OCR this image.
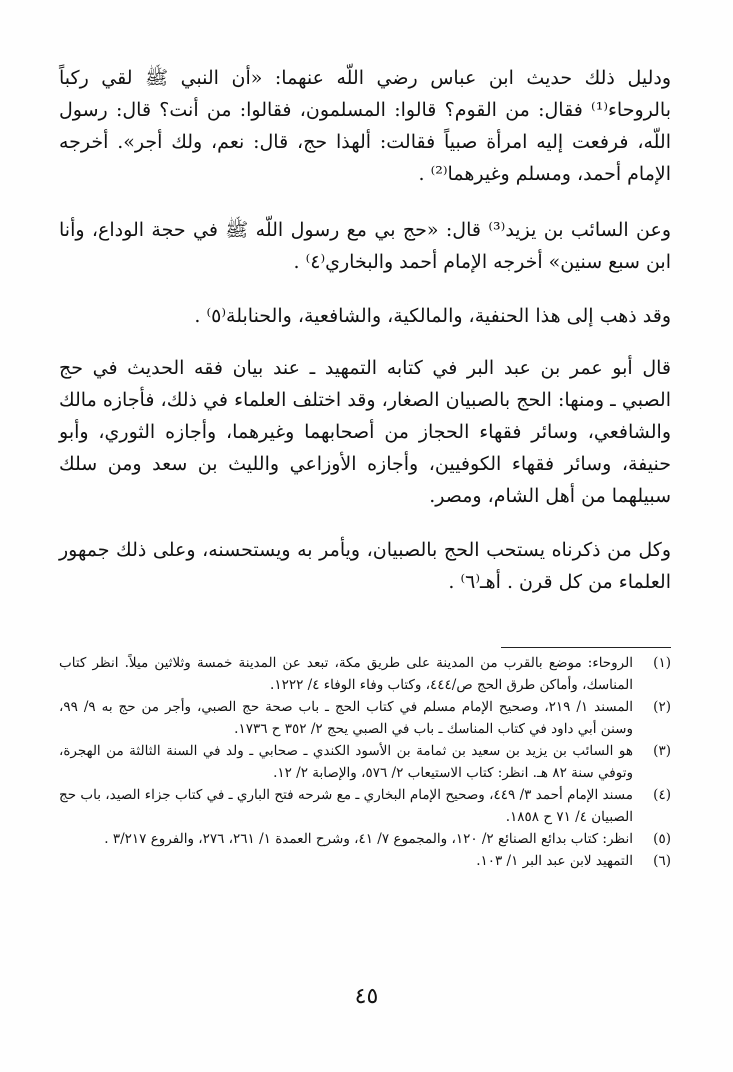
ودليل ذلك حديث ابن عباس رضي اللّه عنهما: «أن النبي ﷺ لقي ركباً بالروحاء⁽¹⁾ فقال: من القوم؟ قالوا: المسلمون، فقالوا: من أنت؟ قال: رسول اللّه، فرفعت إليه امرأة صبياً فقالت: ألهذا حج، قال: نعم، ولك أجر». أخرجه الإمام أحمد، ومسلم وغيرهما⁽²⁾ .

وعن السائب بن يزيد⁽³⁾ قال: «حج بي مع رسول اللّه ﷺ في حجة الوداع، وأنا ابن سبع سنين» أخرجه الإمام أحمد والبخاري⁽٤⁾ .

وقد ذهب إلى هذا الحنفية، والمالكية، والشافعية، والحنابلة⁽٥⁾ .

قال أبو عمر بن عبد البر في كتابه التمهيد ـ عند بيان فقه الحديث في حج الصبي ـ ومنها: الحج بالصبيان الصغار، وقد اختلف العلماء في ذلك، فأجازه مالك والشافعي، وسائر فقهاء الحجاز من أصحابهما وغيرهما، وأجازه الثوري، وأبو حنيفة، وسائر فقهاء الكوفيين، وأجازه الأوزاعي والليث بن سعد ومن سلك سبيلهما من أهل الشام، ومصر.

وكل من ذكرناه يستحب الحج بالصبيان، ويأمر به ويستحسنه، وعلى ذلك جمهور العلماء من كل قرن . أهـ⁽٦⁾ .

(١)
الروحاء: موضع بالقرب من المدينة على طريق مكة، تبعد عن المدينة خمسة وثلاثين ميلاً. انظر كتاب المناسك، وأماكن طرق الحج ص/٤٤٤، وكتاب وفاء الوفاء ٤/ ١٢٢٢.
(٢)
المسند ١/ ٢١٩، وصحيح الإمام مسلم في كتاب الحج ـ باب صحة حج الصبي، وأجر من حج به ٩/ ٩٩، وسنن أبي داود في كتاب المناسك ـ باب في الصبي يحج ٢/ ٣٥٢ ح ١٧٣٦.
(٣)
هو السائب بن يزيد بن سعيد بن ثمامة بن الأسود الكندي ـ صحابي ـ ولد في السنة الثالثة من الهجرة، وتوفي سنة ٨٢ هـ. انظر: كتاب الاستيعاب ٢/ ٥٧٦، والإصابة ٢/ ١٢.
(٤)
مسند الإمام أحمد ٣/ ٤٤٩، وصحيح الإمام البخاري ـ مع شرحه فتح الباري ـ في كتاب جزاء الصيد، باب حج الصبيان ٤/ ٧١ ح ١٨٥٨.
(٥)
انظر: كتاب بدائع الصنائع ٢/ ١٢٠، والمجموع ٧/ ٤١، وشرح العمدة ١/ ٢٦١، ٢٧٦، والفروع ٣/٢١٧ .
(٦)
التمهيد لابن عبد البر ١/ ١٠٣.
٤٥
